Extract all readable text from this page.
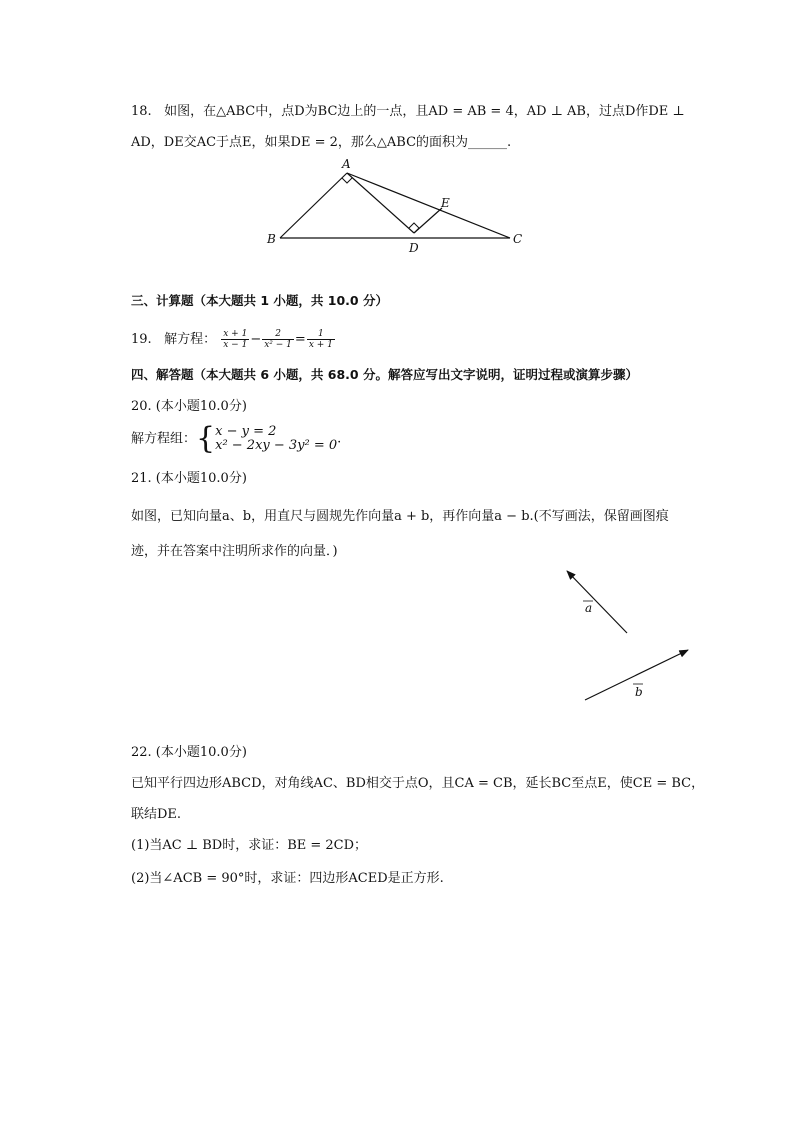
18. 如图，在△ABC中，点D为BC边上的一点，且AD = AB = 4，AD ⊥ AB，过点D作DE ⊥
AD，DE交AC于点E，如果DE = 2，那么△ABC的面积为______.
A
B	C
D
E
三、计算题（本大题共 1 小题，共 10.0 分）
19. 解方程： $\frac{x + 1}{x - 1} - \frac{2}{\text{x² − 1}} = \frac{1}{x + 1}$
四、解答题（本大题共 6 小题，共 68.0 分。解答应写出文字说明，证明过程或演算步骤）
20. (本小题10.0分)
解方程组：{ x − y = 2
x² − 2xy − 3y² = 0 .
21. (本小题10.0分)
如图，已知向量a、b，用直尺与圆规先作向量a + b，再作向量a − b.(不写画法，保留画图痕
迹，并在答案中注明所求作的向量．)
a
b
22. (本小题10.0分)
已知平行四边形ABCD，对角线AC、BD相交于点O，且CA = CB，延长BC至点E，使CE = BC，
联结DE.
(1)当AC ⊥ BD时，求证：BE = 2CD；
(2)当∠ACB = 90°时，求证：四边形ACED是正方形.
